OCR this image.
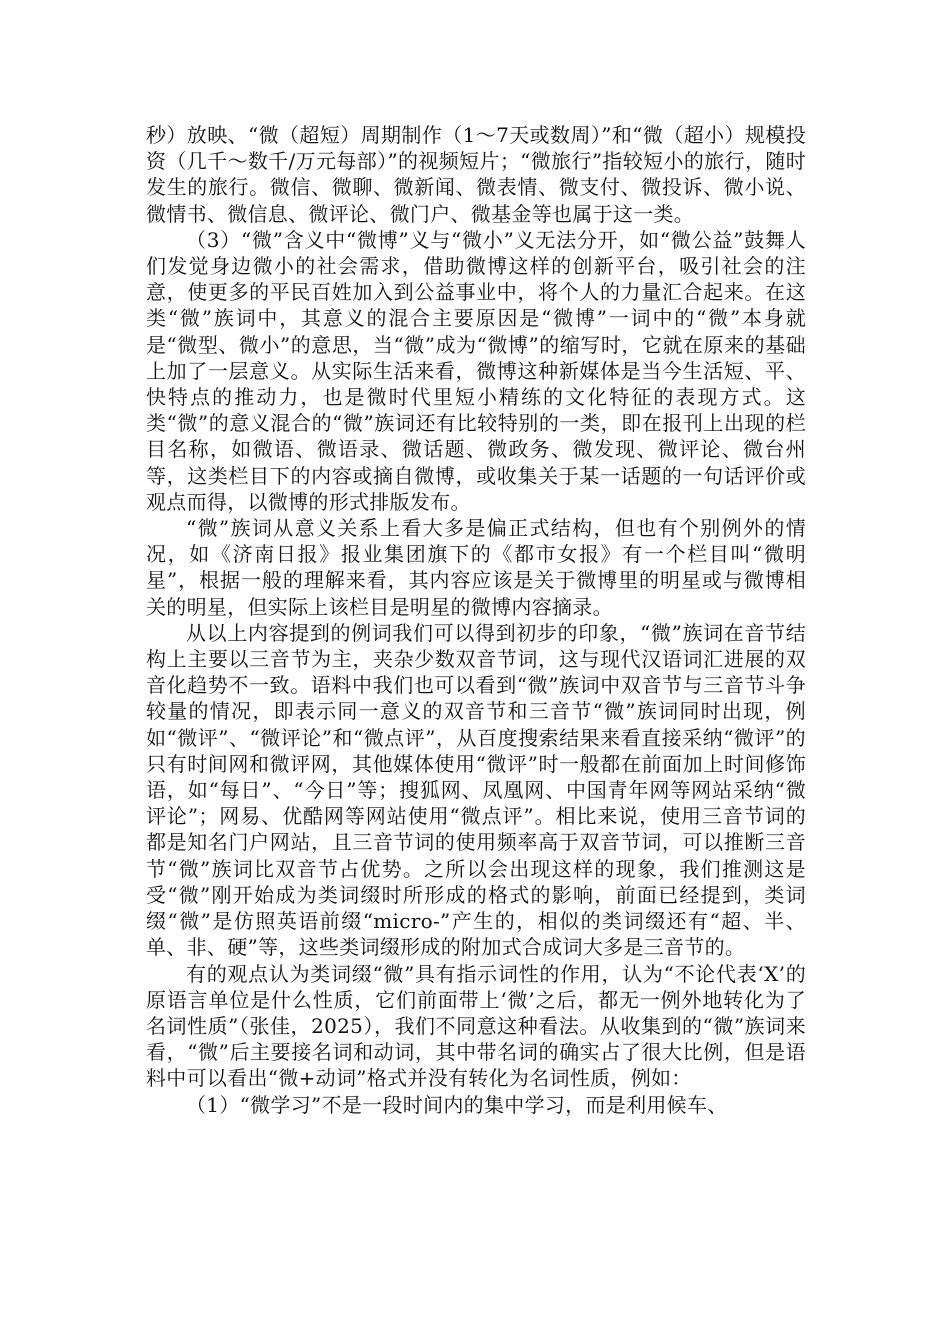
秒）放映、“微（超短）周期制作（1～7天或数周）”和“微（超小）规模投资（几千～数千/万元每部）”的视频短片；“微旅行”指较短小的旅行，随时发生的旅行。微信、微聊、微新闻、微表情、微支付、微投诉、微小说、微情书、微信息、微评论、微门户、微基金等也属于这一类。

（3）“微”含义中“微博”义与“微小”义无法分开，如“微公益”鼓舞人们发觉身边微小的社会需求，借助微博这样的创新平台，吸引社会的注意，使更多的平民百姓加入到公益事业中，将个人的力量汇合起来。在这类“微”族词中，其意义的混合主要原因是“微博”一词中的“微”本身就是“微型、微小”的意思，当“微”成为“微博”的缩写时，它就在原来的基础上加了一层意义。从实际生活来看，微博这种新媒体是当今生活短、平、快特点的推动力，也是微时代里短小精练的文化特征的表现方式。这类“微”的意义混合的“微”族词还有比较特别的一类，即在报刊上出现的栏目名称，如微语、微语录、微话题、微政务、微发现、微评论、微台州等，这类栏目下的内容或摘自微博，或收集关于某一话题的一句话评价或观点而得，以微博的形式排版发布。

“微”族词从意义关系上看大多是偏正式结构，但也有个别例外的情况，如《济南日报》报业集团旗下的《都市女报》有一个栏目叫“微明星”，根据一般的理解来看，其内容应该是关于微博里的明星或与微博相关的明星，但实际上该栏目是明星的微博内容摘录。

从以上内容提到的例词我们可以得到初步的印象，“微”族词在音节结构上主要以三音节为主，夹杂少数双音节词，这与现代汉语词汇进展的双音化趋势不一致。语料中我们也可以看到“微”族词中双音节与三音节斗争较量的情况，即表示同一意义的双音节和三音节“微”族词同时出现，例如“微评”、“微评论”和“微点评”，从百度搜索结果来看直接采纳“微评”的只有时间网和微评网，其他媒体使用“微评”时一般都在前面加上时间修饰语，如“每日”、“今日”等；搜狐网、凤凰网、中国青年网等网站采纳“微评论”；网易、优酷网等网站使用“微点评”。相比来说，使用三音节词的都是知名门户网站，且三音节词的使用频率高于双音节词，可以推断三音节“微”族词比双音节占优势。之所以会出现这样的现象，我们推测这是受“微”刚开始成为类词缀时所形成的格式的影响，前面已经提到，类词缀“微”是仿照英语前缀“micro-”产生的，相似的类词缀还有“超、半、单、非、硬”等，这些类词缀形成的附加式合成词大多是三音节的。

有的观点认为类词缀“微”具有指示词性的作用，认为“不论代表‘X’的原语言单位是什么性质，它们前面带上‘微’之后，都无一例外地转化为了名词性质”（张佳，2025），我们不同意这种看法。从收集到的“微”族词来看，“微”后主要接名词和动词，其中带名词的确实占了很大比例，但是语料中可以看出“微+动词”格式并没有转化为名词性质，例如：

（1）“微学习”不是一段时间内的集中学习，而是利用候车、
